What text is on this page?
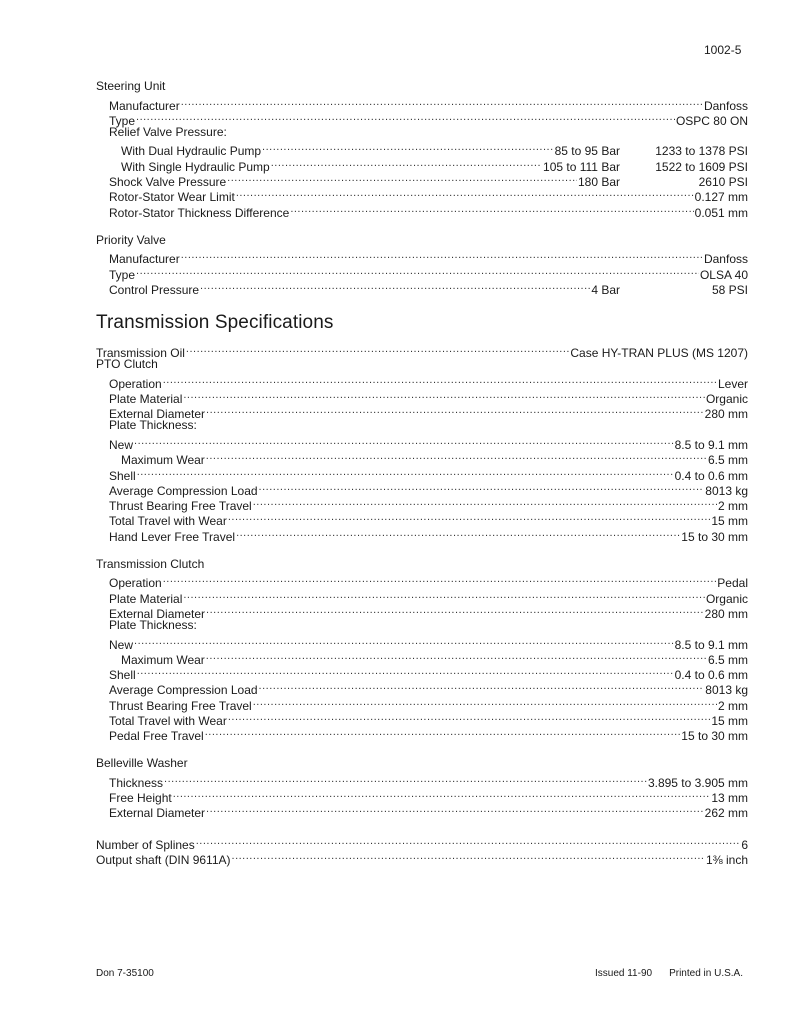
1002-5
Steering Unit
Manufacturer .....	Danfoss
Type .....	OSPC 80 ON
Relief Valve Pressure:
With Dual Hydraulic Pump .....	85 to 95 Bar	1233 to 1378 PSI
With Single Hydraulic Pump .....	105 to 111 Bar	1522 to 1609 PSI
Shock Valve Pressure .....	180 Bar	2610 PSI
Rotor-Stator Wear Limit .....	0.127 mm
Rotor-Stator Thickness Difference .....	0.051 mm
Priority Valve
Manufacturer .....	Danfoss
Type .....	OLSA 40
Control Pressure .....	4 Bar	58 PSI
Transmission Specifications
Transmission Oil .....	Case HY-TRAN PLUS (MS 1207)
PTO Clutch
Operation .....	Lever
Plate Material .....	Organic
External Diameter .....	280 mm
Plate Thickness:
New .....	8.5 to 9.1 mm
Maximum Wear .....	6.5 mm
Shell .....	0.4 to 0.6 mm
Average Compression Load .....	8013 kg
Thrust Bearing Free Travel .....	2 mm
Total Travel with Wear .....	15 mm
Hand Lever Free Travel .....	15 to 30 mm
Transmission Clutch
Operation .....	Pedal
Plate Material .....	Organic
External Diameter .....	280 mm
Plate Thickness:
New .....	8.5 to 9.1 mm
Maximum Wear .....	6.5 mm
Shell .....	0.4 to 0.6 mm
Average Compression Load .....	8013 kg
Thrust Bearing Free Travel .....	2 mm
Total Travel with Wear .....	15 mm
Pedal Free Travel .....	15 to 30 mm
Belleville Washer
Thickness .....	3.895 to 3.905 mm
Free Height .....	13 mm
External Diameter .....	262 mm
Number of Splines .....	6
Output shaft (DIN 9611A) .....	1⅜ inch
Don 7-35100	Issued 11-90 Printed in U.S.A.
